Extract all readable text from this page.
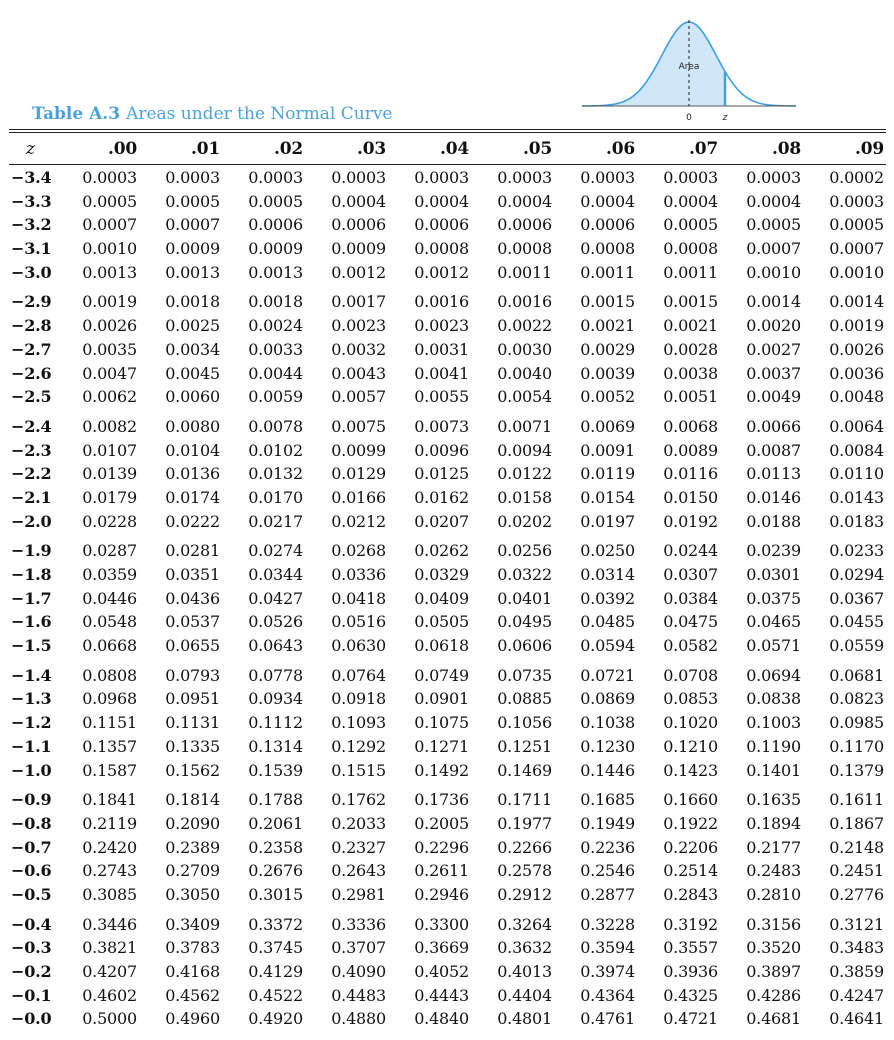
Area
0	z
Table A.3 Areas under the Normal Curve
z	.00	.01	.02	.03	.04	.05	.06	.07	.08	.09
−3.4	0.0003	0.0003	0.0003	0.0003	0.0003	0.0003	0.0003	0.0003	0.0003	0.0002
−3.3	0.0005	0.0005	0.0005	0.0004	0.0004	0.0004	0.0004	0.0004	0.0004	0.0003
−3.2	0.0007	0.0007	0.0006	0.0006	0.0006	0.0006	0.0006	0.0005	0.0005	0.0005
−3.1	0.0010	0.0009	0.0009	0.0009	0.0008	0.0008	0.0008	0.0008	0.0007	0.0007
−3.0	0.0013	0.0013	0.0013	0.0012	0.0012	0.0011	0.0011	0.0011	0.0010	0.0010
−2.9	0.0019	0.0018	0.0018	0.0017	0.0016	0.0016	0.0015	0.0015	0.0014	0.0014
−2.8	0.0026	0.0025	0.0024	0.0023	0.0023	0.0022	0.0021	0.0021	0.0020	0.0019
−2.7	0.0035	0.0034	0.0033	0.0032	0.0031	0.0030	0.0029	0.0028	0.0027	0.0026
−2.6	0.0047	0.0045	0.0044	0.0043	0.0041	0.0040	0.0039	0.0038	0.0037	0.0036
−2.5	0.0062	0.0060	0.0059	0.0057	0.0055	0.0054	0.0052	0.0051	0.0049	0.0048
−2.4	0.0082	0.0080	0.0078	0.0075	0.0073	0.0071	0.0069	0.0068	0.0066	0.0064
−2.3	0.0107	0.0104	0.0102	0.0099	0.0096	0.0094	0.0091	0.0089	0.0087	0.0084
−2.2	0.0139	0.0136	0.0132	0.0129	0.0125	0.0122	0.0119	0.0116	0.0113	0.0110
−2.1	0.0179	0.0174	0.0170	0.0166	0.0162	0.0158	0.0154	0.0150	0.0146	0.0143
−2.0	0.0228	0.0222	0.0217	0.0212	0.0207	0.0202	0.0197	0.0192	0.0188	0.0183
−1.9	0.0287	0.0281	0.0274	0.0268	0.0262	0.0256	0.0250	0.0244	0.0239	0.0233
−1.8	0.0359	0.0351	0.0344	0.0336	0.0329	0.0322	0.0314	0.0307	0.0301	0.0294
−1.7	0.0446	0.0436	0.0427	0.0418	0.0409	0.0401	0.0392	0.0384	0.0375	0.0367
−1.6	0.0548	0.0537	0.0526	0.0516	0.0505	0.0495	0.0485	0.0475	0.0465	0.0455
−1.5	0.0668	0.0655	0.0643	0.0630	0.0618	0.0606	0.0594	0.0582	0.0571	0.0559
−1.4	0.0808	0.0793	0.0778	0.0764	0.0749	0.0735	0.0721	0.0708	0.0694	0.0681
−1.3	0.0968	0.0951	0.0934	0.0918	0.0901	0.0885	0.0869	0.0853	0.0838	0.0823
−1.2	0.1151	0.1131	0.1112	0.1093	0.1075	0.1056	0.1038	0.1020	0.1003	0.0985
−1.1	0.1357	0.1335	0.1314	0.1292	0.1271	0.1251	0.1230	0.1210	0.1190	0.1170
−1.0	0.1587	0.1562	0.1539	0.1515	0.1492	0.1469	0.1446	0.1423	0.1401	0.1379
−0.9	0.1841	0.1814	0.1788	0.1762	0.1736	0.1711	0.1685	0.1660	0.1635	0.1611
−0.8	0.2119	0.2090	0.2061	0.2033	0.2005	0.1977	0.1949	0.1922	0.1894	0.1867
−0.7	0.2420	0.2389	0.2358	0.2327	0.2296	0.2266	0.2236	0.2206	0.2177	0.2148
−0.6	0.2743	0.2709	0.2676	0.2643	0.2611	0.2578	0.2546	0.2514	0.2483	0.2451
−0.5	0.3085	0.3050	0.3015	0.2981	0.2946	0.2912	0.2877	0.2843	0.2810	0.2776
−0.4	0.3446	0.3409	0.3372	0.3336	0.3300	0.3264	0.3228	0.3192	0.3156	0.3121
−0.3	0.3821	0.3783	0.3745	0.3707	0.3669	0.3632	0.3594	0.3557	0.3520	0.3483
−0.2	0.4207	0.4168	0.4129	0.4090	0.4052	0.4013	0.3974	0.3936	0.3897	0.3859
−0.1	0.4602	0.4562	0.4522	0.4483	0.4443	0.4404	0.4364	0.4325	0.4286	0.4247
−0.0	0.5000	0.4960	0.4920	0.4880	0.4840	0.4801	0.4761	0.4721	0.4681	0.4641
